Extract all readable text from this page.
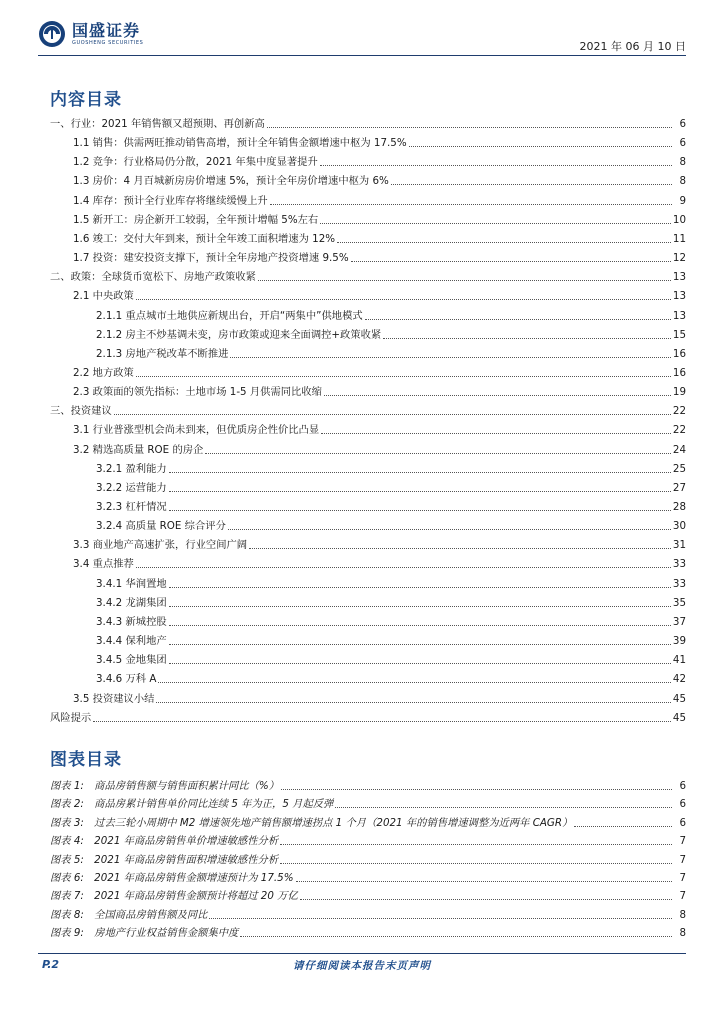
国盛证券
GUOSHENG SECURITIES	2021 年 06 月 10 日
内容目录
一、行业：2021 年销售额又超预期、再创新高	6
1.1 销售：供需两旺推动销售高增，预计全年销售金额增速中枢为 17.5%	6
1.2 竞争：行业格局仍分散，2021 年集中度显著提升	8
1.3 房价：4 月百城新房房价增速 5%，预计全年房价增速中枢为 6%	8
1.4 库存：预计全行业库存将继续缓慢上升	9
1.5 新开工：房企新开工较弱，全年预计增幅 5%左右	10
1.6 竣工：交付大年到来，预计全年竣工面积增速为 12%	11
1.7 投资：建安投资支撑下，预计全年房地产投资增速 9.5%	12
二、政策：全球货币宽松下、房地产政策收紧	13
2.1 中央政策	13
2.1.1 重点城市土地供应新规出台，开启“两集中”供地模式	13
2.1.2 房主不炒基调未变，房市政策或迎来全面调控+政策收紧	15
2.1.3 房地产税改革不断推进	16
2.2 地方政策	16
2.3 政策面的领先指标：土地市场 1-5 月供需同比收缩	19
三、投资建议	22
3.1 行业普涨型机会尚未到来，但优质房企性价比凸显	22
3.2 精选高质量 ROE 的房企	24
3.2.1 盈利能力	25
3.2.2 运营能力	27
3.2.3 杠杆情况	28
3.2.4 高质量 ROE 综合评分	30
3.3 商业地产高速扩张，行业空间广阔	31
3.4 重点推荐	33
3.4.1 华润置地	33
3.4.2 龙湖集团	35
3.4.3 新城控股	37
3.4.4 保利地产	39
3.4.5 金地集团	41
3.4.6 万科 A	42
3.5 投资建议小结	45
风险提示	45
图表目录
图表 1:　商品房销售额与销售面积累计同比（%）	6
图表 2:　商品房累计销售单价同比连续 5 年为正，5 月起反弹	6
图表 3:　过去三轮小周期中 M2 增速领先地产销售额增速拐点 1 个月（2021 年的销售增速调整为近两年 CAGR）	6
图表 4:　2021 年商品房销售单价增速敏感性分析	7
图表 5:　2021 年商品房销售面积增速敏感性分析	7
图表 6:　2021 年商品房销售金额增速预计为 17.5%	7
图表 7:　2021 年商品房销售金额预计将超过 20 万亿	7
图表 8:　全国商品房销售额及同比	8
图表 9:　房地产行业权益销售金额集中度	8
P.2	请仔细阅读本报告末页声明
